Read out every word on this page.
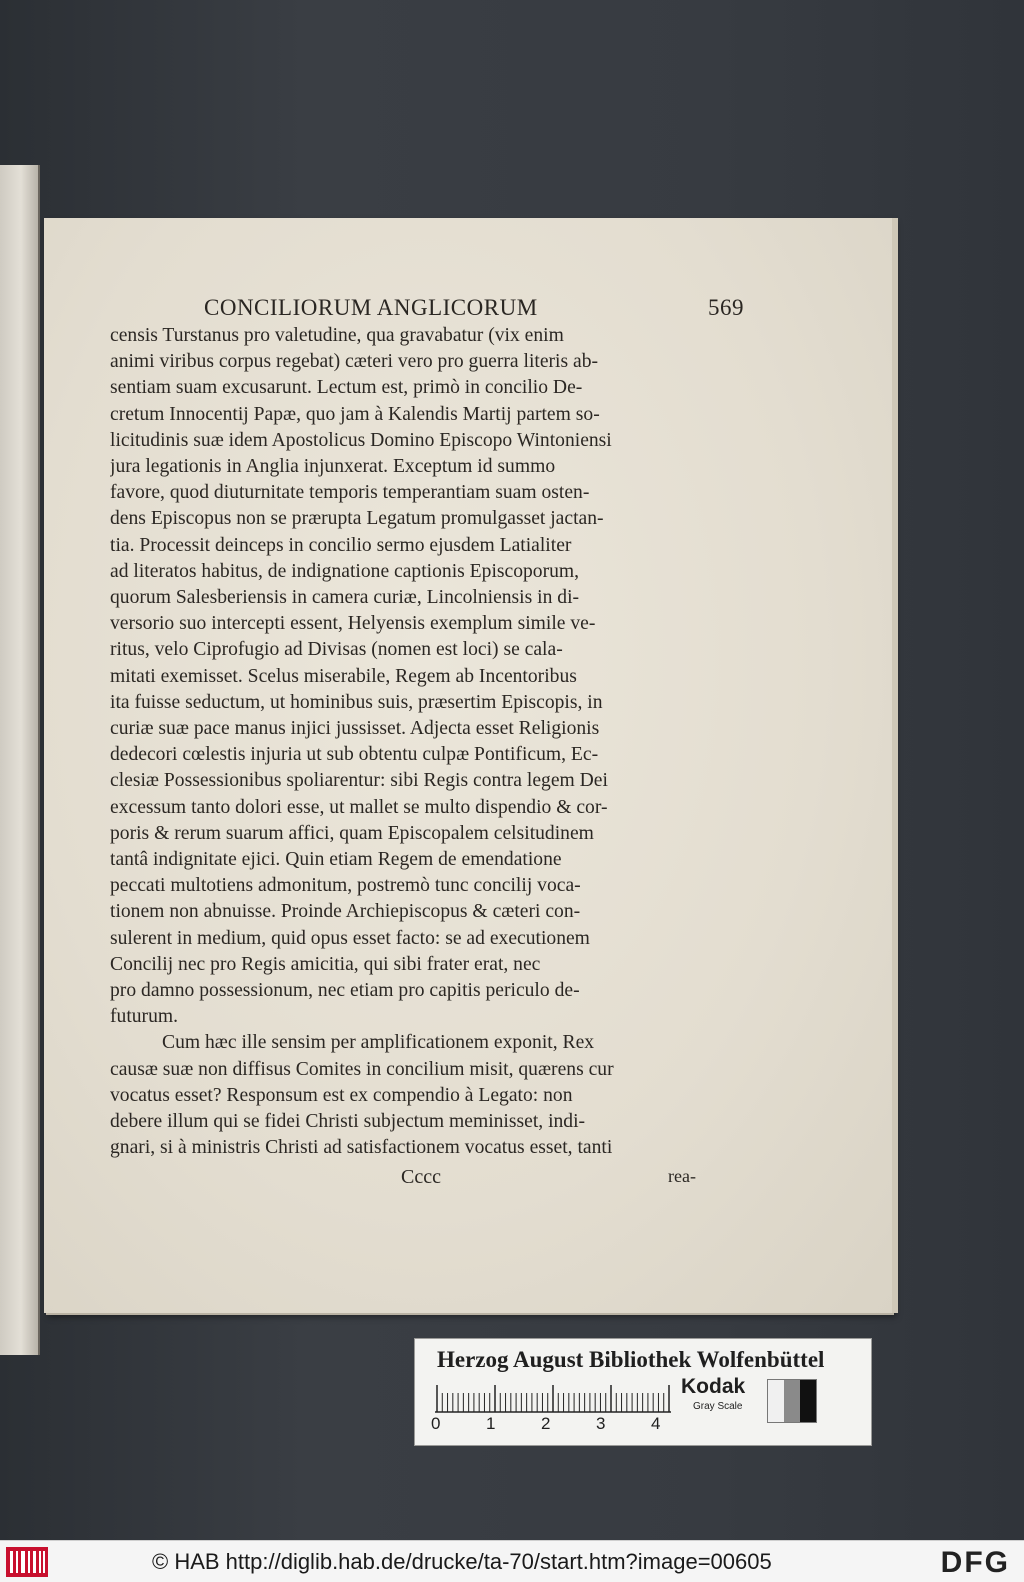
CONCILIORUM ANGLICORUM	569
censis Turstanus pro valetudine, qua gravabatur (vix enim
animi viribus corpus regebat) cæteri vero pro guerra literis ab-
sentiam suam excusarunt. Lectum est, primò in concilio De-
cretum Innocentij Papæ, quo jam à Kalendis Martij partem so-
licitudinis suæ idem Apostolicus Domino Episcopo Wintoniensi
jura legationis in Anglia injunxerat. Exceptum id summo
favore, quod diuturnitate temporis temperantiam suam osten-
dens Episcopus non se prærupta Legatum promulgasset jactan-
tia. Processit deinceps in concilio sermo ejusdem Latialiter
ad literatos habitus, de indignatione captionis Episcoporum,
quorum Salesberiensis in camera curiæ, Lincolniensis in di-
versorio suo intercepti essent, Helyensis exemplum simile ve-
ritus, velo Ciprofugio ad Divisas (nomen est loci) se cala-
mitati exemisset. Scelus miserabile, Regem ab Incentoribus
ita fuisse seductum, ut hominibus suis, præsertim Episcopis, in
curiæ suæ pace manus injici jussisset. Adjecta esset Religionis
dedecori cœlestis injuria ut sub obtentu culpæ Pontificum, Ec-
clesiæ Possessionibus spoliarentur: sibi Regis contra legem Dei
excessum tanto dolori esse, ut mallet se multo dispendio & cor-
poris & rerum suarum affici, quam Episcopalem celsitudinem
tantâ indignitate ejici. Quin etiam Regem de emendatione
peccati multotiens admonitum, postremò tunc concilij voca-
tionem non abnuisse. Proinde Archiepiscopus & cæteri con-
sulerent in medium, quid opus esset facto: se ad executionem
Concilij nec pro Regis amicitia, qui sibi frater erat, nec
pro damno possessionum, nec etiam pro capitis periculo de-
futurum.
Cum hæc ille sensim per amplificationem exponit, Rex
causæ suæ non diffisus Comites in concilium misit, quærens cur
vocatus esset? Responsum est ex compendio à Legato: non
debere illum qui se fidei Christi subjectum meminisset, indi-
gnari, si à ministris Christi ad satisfactionem vocatus esset, tanti
Cccc	rea-
Herzog August Bibliothek Wolfenbüttel
0	1	2	3	4
Kodak
Gray Scale
© HAB http://diglib.hab.de/drucke/ta-70/start.htm?image=00605	DFG
